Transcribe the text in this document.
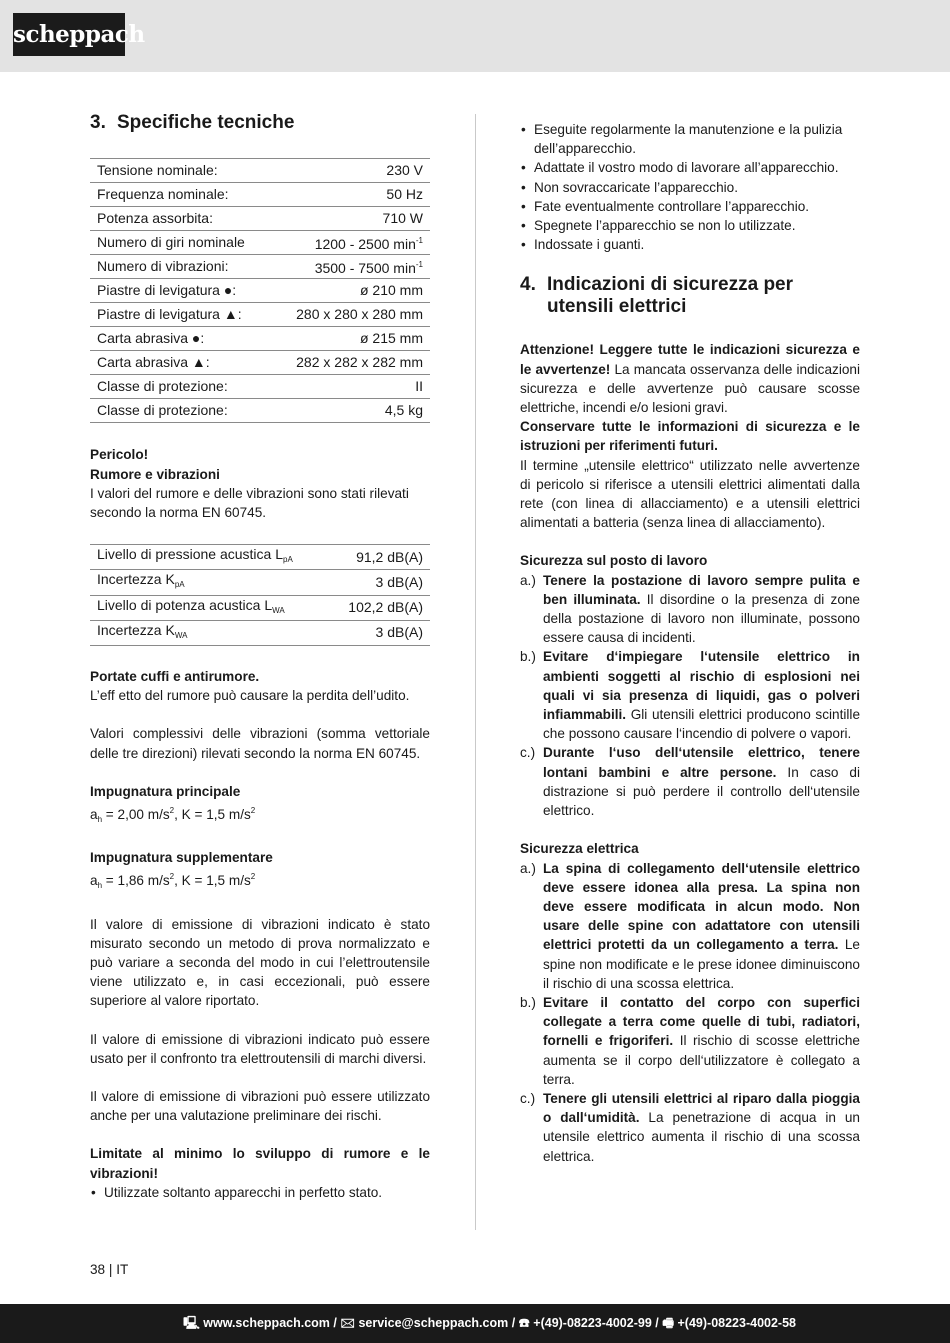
scheppach
3. Specifiche tecniche
Tensione nominale:	230 V
Frequenza nominale:	50 Hz
Potenza assorbita:	710 W
Numero di giri nominale	1200 - 2500 $\min^{-1}$
Numero di vibrazioni:	3500 - 7500 $\min^{-1}$
Piastre di levigatura ●:	ø 210 mm
Piastre di levigatura ▲:	280 x 280 x 280 mm
Carta abrasiva ●:	ø 215 mm
Carta abrasiva ▲:	282 x 282 x 282 mm
Classe di protezione:	II
Classe di protezione:	4,5 kg

Pericolo!

Rumore e vibrazioni

I valori del rumore e delle vibrazioni sono stati rilevati secondo la norma EN 60745.

Livello di pressione acustica $L_{pA}$	91,2 dB(A)
Incertezza $K_{pA}$	3 dB(A)
Livello di potenza acustica $L_{WA}$	102,2 dB(A)
Incertezza $K_{WA}$	3 dB(A)

Portate cuffi e antirumore.

L’eff etto del rumore può causare la perdita dell’udito.

Valori complessivi delle vibrazioni (somma vettoriale delle tre direzioni) rilevati secondo la norma EN 60745.

Impugnatura principale

$a_h = 2,00$ $m/s^2$, K = 1,5 $m/s^2$

Impugnatura supplementare

$a_h = 1,86$ $m/s^2$, K = 1,5 $m/s^2$

Il valore di emissione di vibrazioni indicato è stato misurato secondo un metodo di prova normalizzato e può variare a seconda del modo in cui l’elettroutensile viene utilizzato e, in casi eccezionali, può essere superiore al valore riportato.

Il valore di emissione di vibrazioni indicato può essere usato per il confronto tra elettroutensili di marchi diversi.

Il valore di emissione di vibrazioni può essere utilizzato anche per una valutazione preliminare dei rischi.

Limitate al minimo lo sviluppo di rumore e le vibrazioni!

• Utilizzate soltanto apparecchi in perfetto stato.
• Eseguite regolarmente la manutenzione e la pulizia dell’apparecchio.
• Adattate il vostro modo di lavorare all’apparecchio.
• Non sovraccaricate l’apparecchio.
• Fate eventualmente controllare l’apparecchio.
• Spegnete l’apparecchio se non lo utilizzate.
• Indossate i guanti.
4. Indicazioni di sicurezza per utensili elettrici

Attenzione! Leggere tutte le indicazioni sicurezza e le avvertenze! La mancata osservanza delle indicazioni sicurezza e delle avvertenze può causare scosse elettriche, incendi e/o lesioni gravi.

Conservare tutte le informazioni di sicurezza e le istruzioni per riferimenti futuri.

Il termine „utensile elettrico“ utilizzato nelle avvertenze di pericolo si riferisce a utensili elettrici alimentati dalla rete (con linea di allacciamento) e a utensili elettrici alimentati a batteria (senza linea di allacciamento).

Sicurezza sul posto di lavoro

a.) Tenere la postazione di lavoro sempre pulita e ben illuminata. Il disordine o la presenza di zone della postazione di lavoro non illuminate, possono essere causa di incidenti.
b.) Evitare d‘impiegare l‘utensile elettrico in ambienti soggetti al rischio di esplosioni nei quali vi sia presenza di liquidi, gas o polveri infiammabili. Gli utensili elettrici producono scintille che possono causare l‘incendio di polvere o vapori.
c.) Durante l‘uso dell‘utensile elettrico, tenere lontani bambini e altre persone. In caso di distrazione si può perdere il controllo dell‘utensile elettrico.

Sicurezza elettrica

a.) La spina di collegamento dell‘utensile elettrico deve essere idonea alla presa. La spina non deve essere modificata in alcun modo. Non usare delle spine con adattatore con utensili elettrici protetti da un collegamento a terra. Le spine non modificate e le prese idonee diminuiscono il rischio di una scossa elettrica.
b.) Evitare il contatto del corpo con superfici collegate a terra come quelle di tubi, radiatori, fornelli e frigoriferi. Il rischio di scosse elettriche aumenta se il corpo dell‘utilizzatore è collegato a terra.
c.) Tenere gli utensili elettrici al riparo dalla pioggia o dall‘umidità. La penetrazione di acqua in un utensile elettrico aumenta il rischio di una scossa elettrica.
38 | IT
🖳 www.scheppach.com / 🖂 service@scheppach.com / ☎ +(49)-08223-4002-99 / 🖷 +(49)-08223-4002-58
